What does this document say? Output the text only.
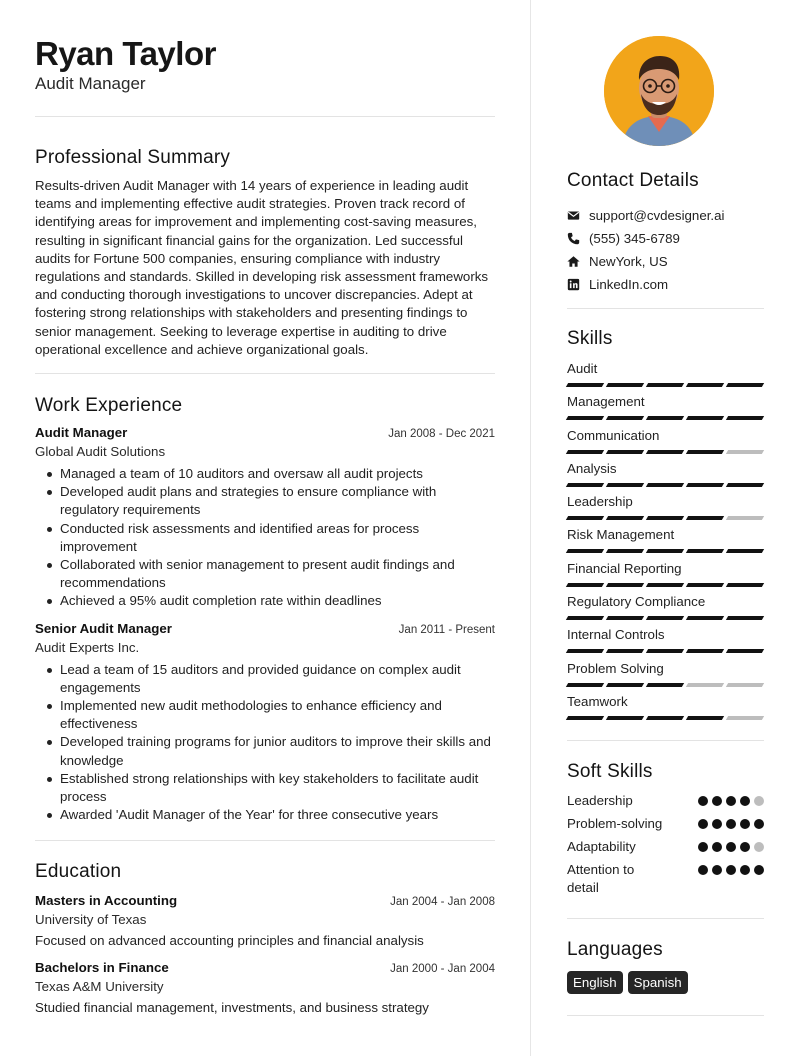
Ryan Taylor
Audit Manager
Professional Summary
Results-driven Audit Manager with 14 years of experience in leading audit teams and implementing effective audit strategies. Proven track record of identifying areas for improvement and implementing cost-saving measures, resulting in significant financial gains for the organization. Led successful audits for Fortune 500 companies, ensuring compliance with industry regulations and standards. Skilled in developing risk assessment frameworks and conducting thorough investigations to uncover discrepancies. Adept at fostering strong relationships with stakeholders and presenting findings to senior management. Seeking to leverage expertise in auditing to drive operational excellence and achieve organizational goals.
Work Experience
Audit Manager	Jan 2008 - Dec 2021
Global Audit Solutions
Managed a team of 10 auditors and oversaw all audit projects
Developed audit plans and strategies to ensure compliance with regulatory requirements
Conducted risk assessments and identified areas for process improvement
Collaborated with senior management to present audit findings and recommendations
Achieved a 95% audit completion rate within deadlines
Senior Audit Manager	Jan 2011 - Present
Audit Experts Inc.
Lead a team of 15 auditors and provided guidance on complex audit engagements
Implemented new audit methodologies to enhance efficiency and effectiveness
Developed training programs for junior auditors to improve their skills and knowledge
Established strong relationships with key stakeholders to facilitate audit process
Awarded 'Audit Manager of the Year' for three consecutive years
Education
Masters in Accounting	Jan 2004 - Jan 2008
University of Texas
Focused on advanced accounting principles and financial analysis
Bachelors in Finance	Jan 2000 - Jan 2004
Texas A&M University
Studied financial management, investments, and business strategy
Contact Details
support@cvdesigner.ai
(555) 345-6789
NewYork, US
LinkedIn.com
Skills
Audit
Management
Communication
Analysis
Leadership
Risk Management
Financial Reporting
Regulatory Compliance
Internal Controls
Problem Solving
Teamwork
Soft Skills
Leadership
Problem-solving
Adaptability
Attention to detail
Languages
English	Spanish
